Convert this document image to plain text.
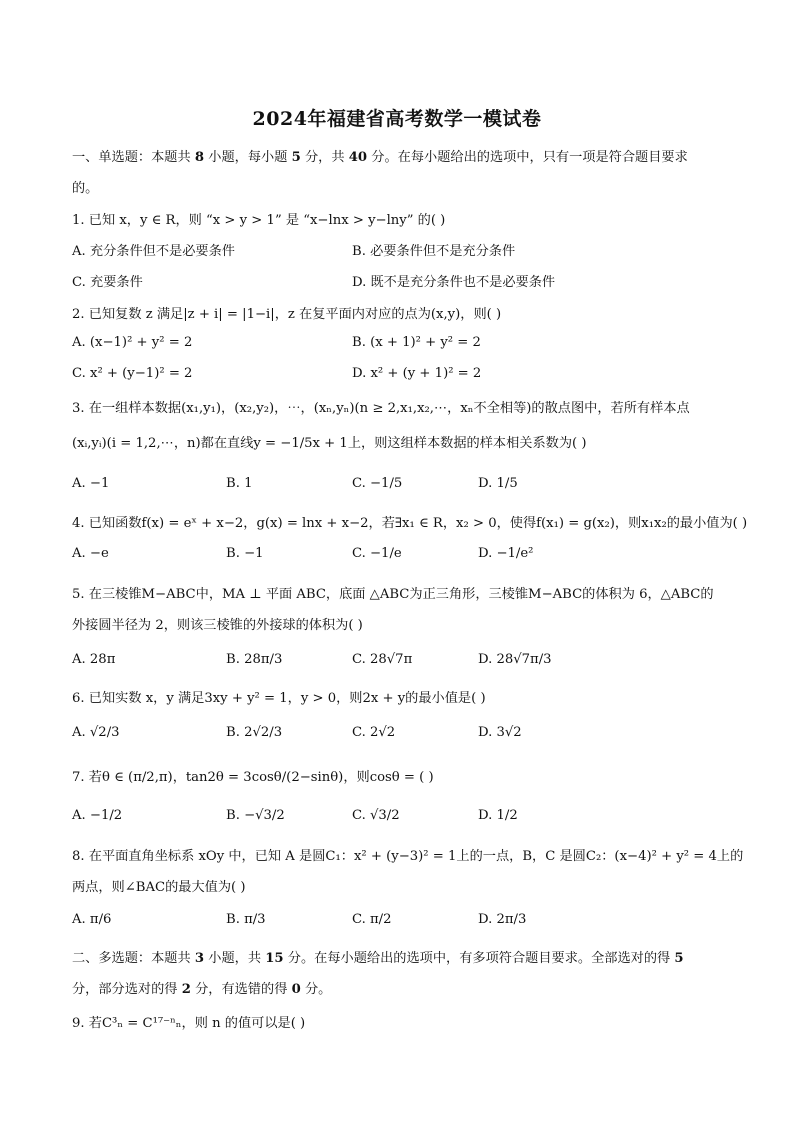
2024年福建省高考数学一模试卷
一、单选题：本题共 8 小题，每小题 5 分，共 40 分。在每小题给出的选项中，只有一项是符合题目要求
的。
1. 已知 x，y ∈ R，则 “x > y > 1” 是 “x−lnx > y−lny” 的( )
A. 充分条件但不是必要条件	B. 必要条件但不是充分条件
C. 充要条件	D. 既不是充分条件也不是必要条件
2. 已知复数 z 满足|z + i| = |1−i|，z 在复平面内对应的点为(x,y)，则( )
A. (x−1)² + y² = 2	B. (x + 1)² + y² = 2
C. x² + (y−1)² = 2	D. x² + (y + 1)² = 2
3. 在一组样本数据(x₁,y₁)，(x₂,y₂)，⋯，(xₙ,yₙ)(n ≥ 2,x₁,x₂,⋯，xₙ不全相等)的散点图中，若所有样本点
(xᵢ,yᵢ)(i = 1,2,⋯，n)都在直线y = −1/5x + 1上，则这组样本数据的样本相关系数为( )
A. −1	B. 1	C. −1/5	D. 1/5
4. 已知函数f(x) = eˣ + x−2，g(x) = lnx + x−2，若∃x₁ ∈ R，x₂ > 0，使得f(x₁) = g(x₂)，则x₁x₂的最小值为( )
A. −e	B. −1	C. −1/e	D. −1/e²
5. 在三棱锥M−ABC中，MA ⊥ 平面 ABC，底面 △ABC为正三角形，三棱锥M−ABC的体积为 6，△ABC的
外接圆半径为 2，则该三棱锥的外接球的体积为( )
A. 28π	B. 28π/3	C. 28√7π	D. 28√7π/3
6. 已知实数 x，y 满足3xy + y² = 1，y > 0，则2x + y的最小值是( )
A. √2/3	B. 2√2/3	C. 2√2	D. 3√2
7. 若θ ∈ (π/2,π)，tan2θ = 3cosθ/(2−sinθ)，则cosθ = ( )
A. −1/2	B. −√3/2	C. √3/2	D. 1/2
8. 在平面直角坐标系 xOy 中，已知 A 是圆C₁：x² + (y−3)² = 1上的一点，B，C 是圆C₂：(x−4)² + y² = 4上的
两点，则∠BAC的最大值为( )
A. π/6	B. π/3	C. π/2	D. 2π/3
二、多选题：本题共 3 小题，共 15 分。在每小题给出的选项中，有多项符合题目要求。全部选对的得 5
分，部分选对的得 2 分，有选错的得 0 分。
9. 若C³ₙ = C¹⁷⁻ⁿₙ，则 n 的值可以是( )
